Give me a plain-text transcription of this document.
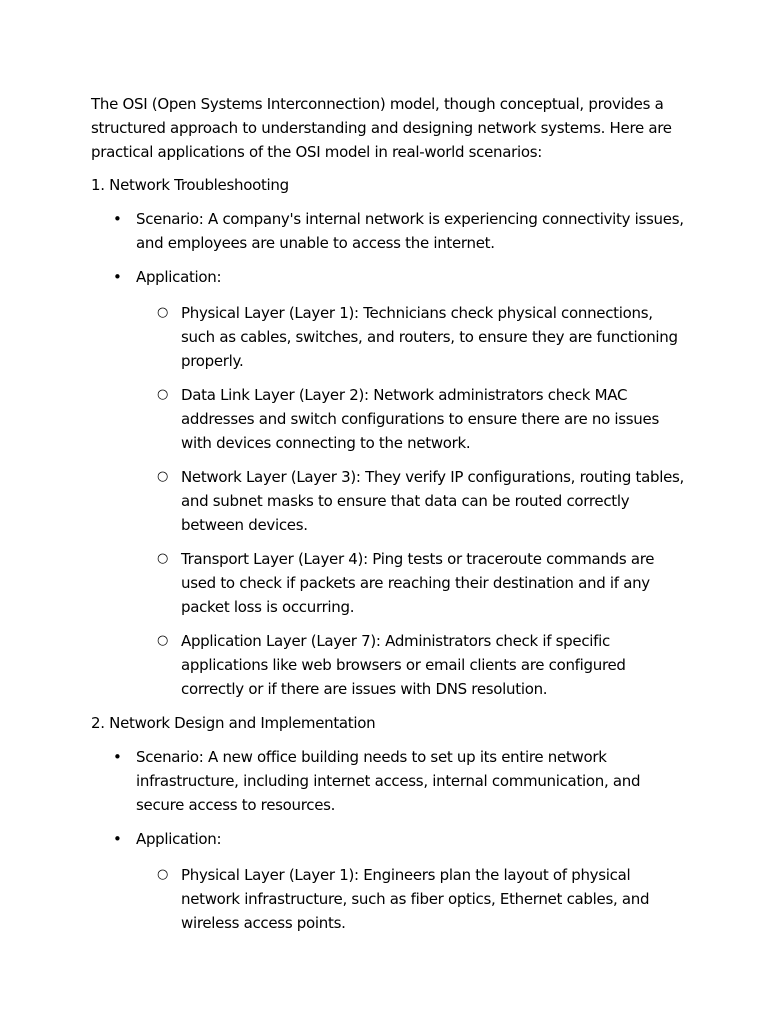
The OSI (Open Systems Interconnection) model, though conceptual, provides a structured approach to understanding and designing network systems. Here are practical applications of the OSI model in real-world scenarios:

1. Network Troubleshooting

• Scenario: A company's internal network is experiencing connectivity issues, and employees are unable to access the internet.
• Application:
○ Physical Layer (Layer 1): Technicians check physical connections, such as cables, switches, and routers, to ensure they are functioning properly.
○ Data Link Layer (Layer 2): Network administrators check MAC addresses and switch configurations to ensure there are no issues with devices connecting to the network.
○ Network Layer (Layer 3): They verify IP configurations, routing tables, and subnet masks to ensure that data can be routed correctly between devices.
○ Transport Layer (Layer 4): Ping tests or traceroute commands are used to check if packets are reaching their destination and if any packet loss is occurring.
○ Application Layer (Layer 7): Administrators check if specific applications like web browsers or email clients are configured correctly or if there are issues with DNS resolution.

2. Network Design and Implementation

• Scenario: A new office building needs to set up its entire network infrastructure, including internet access, internal communication, and secure access to resources.
• Application:
○ Physical Layer (Layer 1): Engineers plan the layout of physical network infrastructure, such as fiber optics, Ethernet cables, and wireless access points.
